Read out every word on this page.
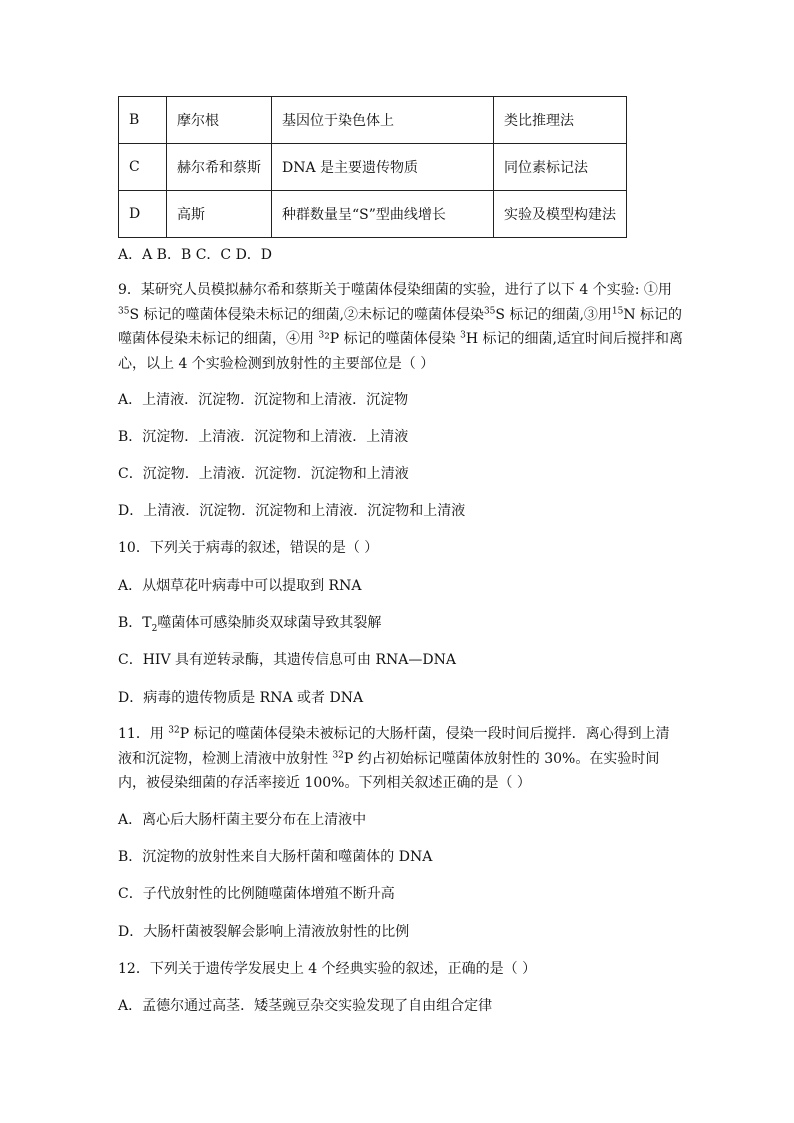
B	摩尔根	基因位于染色体上	类比推理法
C	赫尔希和蔡斯	DNA 是主要遗传物质	同位素标记法
D	高斯	种群数量呈“S”型曲线增长	实验及模型构建法
A．A B．B C．C D．D
9．某研究人员模拟赫尔希和蔡斯关于噬菌体侵染细菌的实验，进行了以下 4 个实验: ①用$^{35}$S 标记的噬菌体侵染未标记的细菌,②未标记的噬菌体侵染$^{35}$S 标记的细菌,③用$^{15}$N 标记的噬菌体侵染未标记的细菌，④用 $^3$²P 标记的噬菌体侵染 $^3$H 标记的细菌,适宜时间后搅拌和离心，以上 4 个实验检测到放射性的主要部位是（ ）
A．上清液．沉淀物．沉淀物和上清液．沉淀物
B．沉淀物．上清液．沉淀物和上清液．上清液
C．沉淀物．上清液．沉淀物．沉淀物和上清液
D．上清液．沉淀物．沉淀物和上清液．沉淀物和上清液
10．下列关于病毒的叙述，错误的是（ ）
A．从烟草花叶病毒中可以提取到 RNA
B．$T_2$噬菌体可感染肺炎双球菌导致其裂解
C．HIV 具有逆转录酶，其遗传信息可由 RNA—DNA
D．病毒的遗传物质是 RNA 或者 DNA
11．用 $^{32}$P 标记的噬菌体侵染未被标记的大肠杆菌，侵染一段时间后搅拌．离心得到上清液和沉淀物，检测上清液中放射性 $^{32}$P 约占初始标记噬菌体放射性的 30%。在实验时间内，被侵染细菌的存活率接近 100%。下列相关叙述正确的是（ ）
A．离心后大肠杆菌主要分布在上清液中
B．沉淀物的放射性来自大肠杆菌和噬菌体的 DNA
C．子代放射性的比例随噬菌体增殖不断升高
D．大肠杆菌被裂解会影响上清液放射性的比例
12．下列关于遗传学发展史上 4 个经典实验的叙述，正确的是（ ）
A．孟德尔通过高茎．矮茎豌豆杂交实验发现了自由组合定律
